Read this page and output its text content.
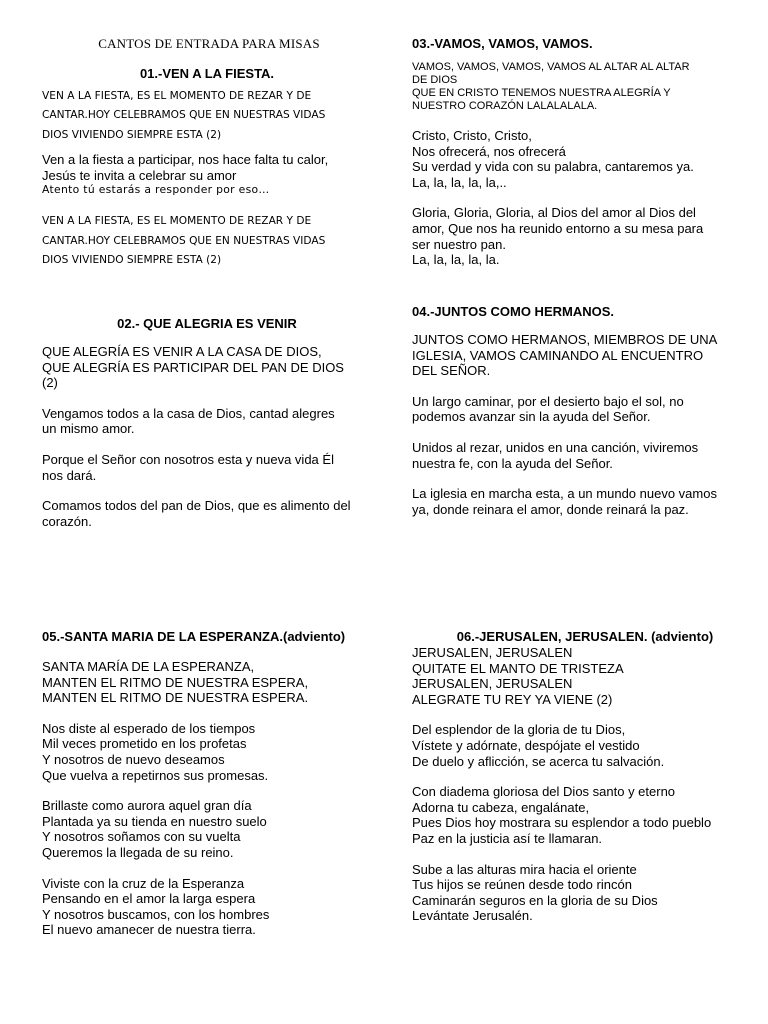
CANTOS DE ENTRADA PARA MISAS

01.-VEN A LA FIESTA.

VEN A LA FIESTA, ES EL MOMENTO DE REZAR Y DE
CANTAR.HOY CELEBRAMOS QUE EN NUESTRAS VIDAS
DIOS VIVIENDO SIEMPRE ESTA (2)

Ven a la fiesta a participar, nos hace falta tu calor,
Jesús te invita a celebrar su amor

Atento tú estarás a responder por eso…

VEN A LA FIESTA, ES EL MOMENTO DE REZAR Y DE
CANTAR.HOY CELEBRAMOS QUE EN NUESTRAS VIDAS
DIOS VIVIENDO SIEMPRE ESTA (2)

02.- QUE ALEGRIA ES VENIR

QUE ALEGRÍA ES VENIR A LA CASA DE DIOS,
QUE ALEGRÍA ES PARTICIPAR DEL PAN DE DIOS
(2)

Vengamos todos a la casa de Dios, cantad alegres
un mismo amor.

Porque el Señor con nosotros esta y nueva vida Él
nos dará.

Comamos todos del pan de Dios, que es alimento del
corazón.

03.-VAMOS, VAMOS, VAMOS.

VAMOS, VAMOS, VAMOS, VAMOS AL ALTAR AL ALTAR
DE DIOS
QUE EN CRISTO TENEMOS NUESTRA ALEGRÍA Y
NUESTRO CORAZÓN LALALALALA.

Cristo, Cristo, Cristo,
Nos ofrecerá, nos ofrecerá
Su verdad y vida con su palabra, cantaremos ya.
La, la, la, la, la,..

Gloria, Gloria, Gloria, al Dios del amor al Dios del
amor, Que nos ha reunido entorno a su mesa para
ser nuestro pan.
La, la, la, la, la.

04.-JUNTOS COMO HERMANOS.

JUNTOS COMO HERMANOS, MIEMBROS DE UNA
IGLESIA, VAMOS CAMINANDO AL ENCUENTRO
DEL SEÑOR.

Un largo caminar, por el desierto bajo el sol, no
podemos avanzar sin la ayuda del Señor.

Unidos al rezar, unidos en una canción, viviremos
nuestra fe, con la ayuda del Señor.

La iglesia en marcha esta, a un mundo nuevo vamos
ya, donde reinara el amor, donde reinará la paz.

05.-SANTA MARIA DE LA ESPERANZA.(adviento)

SANTA MARÍA DE LA ESPERANZA,
MANTEN EL RITMO DE NUESTRA ESPERA,
MANTEN EL RITMO DE NUESTRA ESPERA.

Nos diste al esperado de los tiempos
Mil veces prometido en los profetas
Y nosotros de nuevo deseamos
Que vuelva a repetirnos sus promesas.

Brillaste como aurora aquel gran día
Plantada ya su tienda en nuestro suelo
Y nosotros soñamos con su vuelta
Queremos la llegada de su reino.

Viviste con la cruz de la Esperanza
Pensando en el amor la larga espera
Y nosotros buscamos, con los hombres
El nuevo amanecer de nuestra tierra.

06.-JERUSALEN, JERUSALEN. (adviento)

JERUSALEN, JERUSALEN
QUITATE EL MANTO DE TRISTEZA
JERUSALEN, JERUSALEN
ALEGRATE TU REY YA VIENE (2)

Del esplendor de la gloria de tu Dios,
Vístete y adórnate, despójate el vestido
De duelo y aflicción, se acerca tu salvación.

Con diadema gloriosa del Dios santo y eterno
Adorna tu cabeza, engalánate,
Pues Dios hoy mostrara su esplendor a todo pueblo
Paz en la justicia así te llamaran.

Sube a las alturas mira hacia el oriente
Tus hijos se reúnen desde todo rincón
Caminarán seguros en la gloria de su Dios
Levántate Jerusalén.
